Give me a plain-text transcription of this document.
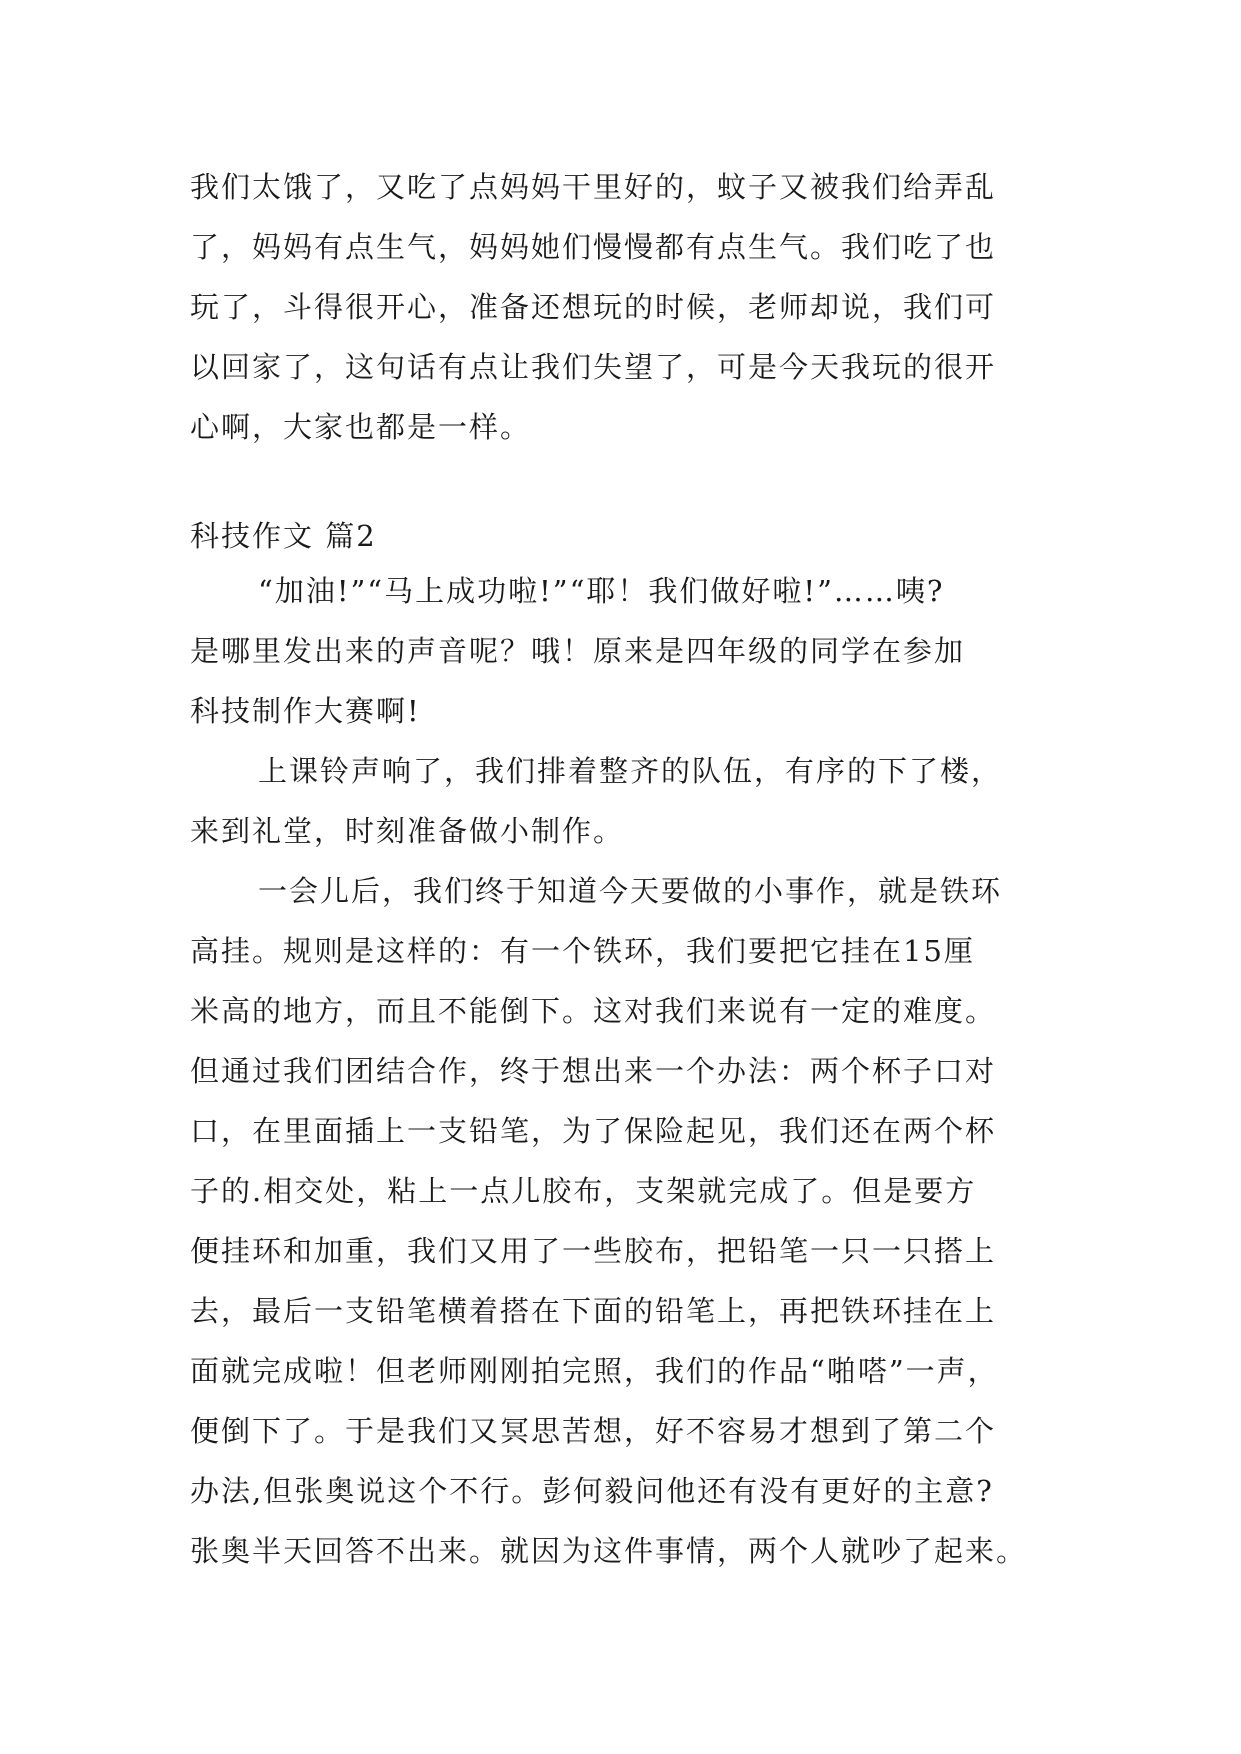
我们太饿了，又吃了点妈妈干里好的，蚊子又被我们给弄乱
了，妈妈有点生气，妈妈她们慢慢都有点生气。我们吃了也
玩了，斗得很开心，准备还想玩的时候，老师却说，我们可
以回家了，这句话有点让我们失望了，可是今天我玩的很开
心啊，大家也都是一样。
科技作文 篇2
“加油!”“马上成功啦!”“耶！我们做好啦!”……咦?
是哪里发出来的声音呢？哦！原来是四年级的同学在参加
科技制作大赛啊!
上课铃声响了，我们排着整齐的队伍，有序的下了楼，
来到礼堂，时刻准备做小制作。
一会儿后，我们终于知道今天要做的小事作，就是铁环
高挂。规则是这样的：有一个铁环，我们要把它挂在15厘
米高的地方，而且不能倒下。这对我们来说有一定的难度。
但通过我们团结合作，终于想出来一个办法：两个杯子口对
口，在里面插上一支铅笔，为了保险起见，我们还在两个杯
子的.相交处，粘上一点儿胶布，支架就完成了。但是要方
便挂环和加重，我们又用了一些胶布，把铅笔一只一只搭上
去，最后一支铅笔横着搭在下面的铅笔上，再把铁环挂在上
面就完成啦！但老师刚刚拍完照，我们的作品“啪嗒”一声，
便倒下了。于是我们又冥思苦想，好不容易才想到了第二个
办法,但张奥说这个不行。彭何毅问他还有没有更好的主意?
张奥半天回答不出来。就因为这件事情，两个人就吵了起来。
